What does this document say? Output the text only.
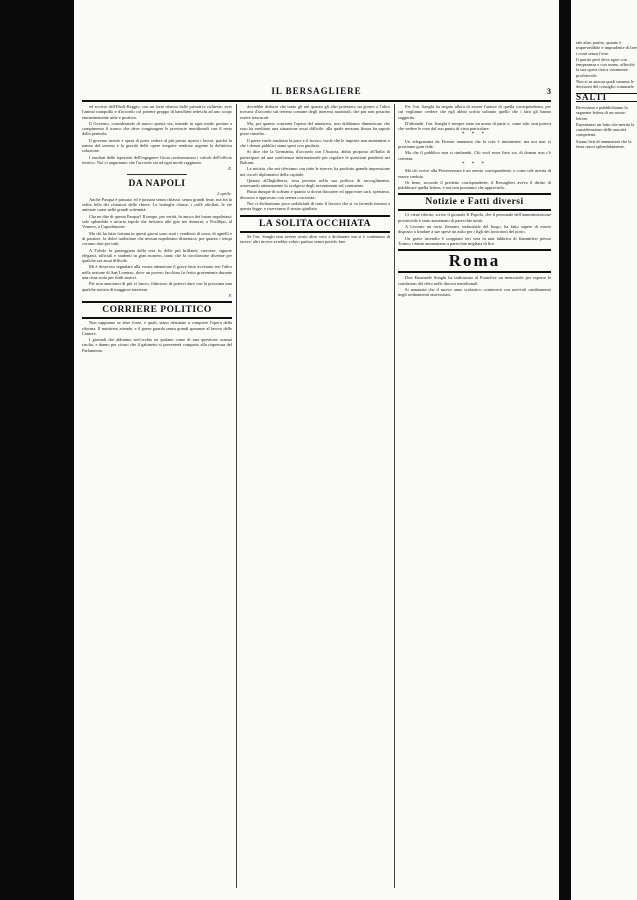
IL BERSAGLIERE	3

ed eccetto dell'Eboli-Reggio, con un forte ribasso dalle primitive richieste, aver l'animo tranquillo e d'accordo col potente gruppo di banchieri tedeschi ad uno scopo eminentemente utile e positivo.

Il Governo, considerando di nuovo questa via, intende in ogni modo portare a compimento il tronco che deve congiungere le provincie meridionali con il resto della penisola.

Il governo insiste e spera di poter vedere al più presto ripresi i lavori, poichè la natura del terreno e la gravità delle opere eseguite rendono urgente la definitiva soluzione.

I risultati delle ispezioni dell'ingegnere Gioia confermarono i calcoli dell'ufficio tecnico. Noi ci auguriamo che l'accordo sia ad ogni modo raggiunto.

E.
DA NAPOLI
2 aprile.

Anche Pasqua è passata; ed è passata senza chiasso, senza grandi feste, ma fra la solita folla dei visitatori delle chiese. Le botteghe chiuse, i caffè affollati, le vie animate come nelle grandi solennità.

Che ne dite di questa Pasqua? Il tempo, per verità, fu amico dei buoni napoletani: sole splendido e un'aria tepida che invitava alle gite nei dintorni, a Posillipo, al Vomero, a Capodimonte.

Ma chi ha fatto fortuna in questi giorni sono stati i venditori di uova, di agnelli e di pastiere, la dolce tradizione che nessun napoletano dimentica, per quanto i tempi corrano duri per tutti.

A Toledo la passeggiata della sera fu delle più brillanti; carrozze, signore eleganti, ufficiali e studenti in gran numero, tanto che la circolazione divenne per qualche ora assai difficile.

Mi è doveroso segnalare alla vostra attenzione il grave fatto avvenuto ieri l'altro nella sezione di San Lorenzo, dove un povero facchino fu ferito gravemente durante una rissa sorta per futili motivi.

Per non annoiarvi di più vi lascio, fiducioso di potervi dare con la prossima mia qualche notizia di maggiore interesse.

F.
CORRIERE POLITICO

Non sappiamo se altre forze, e quali, siano destinate a compiere l'opera della riforma. Il ministero attende, e il paese guarda senza grandi speranze al lavoro delle Camere.

I giornali che abbiamo sott'occhio ne parlano come di una questione oramai risolta, e danno per sicuro che il gabinetto si presenterà compatto alla riapertura del Parlamento.

dovrebbe dedurre che tanto gli uni quanto gli altri potessero un giorno o l'altro trovarsi d'accordo sul terreno comune degli interessi nazionali, che più non possono essere trascurati.

Ma, per quanto concerne l'opera del ministero, non dobbiamo dimenticare che esso ha ereditato una situazione assai difficile, alla quale nessuno finora ha saputo porre rimedio.

Il paese vuole anzitutto la pace e il lavoro; vuole che le imposte non aumentino e che i denari pubblici siano spesi con giudizio.

Si dice che la Germania, d'accordo con l'Austria, abbia proposto all'Italia di partecipare ad una conferenza internazionale per regolare le questioni pendenti nei Balcani.

La notizia, che noi riferiamo con tutte le riserve, ha prodotto grande impressione nei circoli diplomatici della capitale.

Quanto all'Inghilterra, essa persiste nella sua politica di raccoglimento, osservando attentamente lo svolgersi degli avvenimenti sul continente.

Basta dunque di sofismi e quanto si dovrà discutere ed approvare sarà, speriamo, discusso e approvato con serena coscienza.

Noi ci dichiariamo poco soddisfatti di tutto il lavorio che si va facendo intorno a questa legge, e riserviamo il nostro giudizio.

LA SOLITA OCCHIATA

Se l'on. Songhi non avesse avuto altro voto a dichiarare ma si è contentato di tacere; altri invece avrebbe voluto parlare senza poterlo fare.

Per l'on. Songhi ha negato allora di essere l'autore di quella corrispondenza, per cui vogliamo credere che egli abbia scritto soltanto quello che i fatti gli hanno suggerito.

D'altronde, l'on. Songhi è sempre stato un uomo di parte e, come tale, non poteva che vedere le cose dal suo punto di vista particolare.

* * *

Un telegramma da Firenze annunzia che la crisi è imminente; ma noi non vi prestiamo gran fede.

Ma che il pubblico non si rimbambi, Chi vuol esser lieto sia, di doman non c'è certezza.

* * *

Ma chi scrive alla Perseveranza è un onesto corrispondente, e come tale merita di essere creduto.

Or bene, secondo il predetto corrispondente, il Bersaglieri aveva il diritto di pubblicare quella lettera, e noi non possiamo che approvarlo.

Notizie e Fatti diversi

Ci viene riferito, scrive il giornale Il Popolo, che il personale dell'amministrazione provinciale è stato aumentato di parecchie unità.

A Livorno un certo Zenzani, industriale del luogo, ha fatto sapere di essere disposto a fondare a sue spese un asilo per i figli dei lavoratori del porto.

Un grave incendio è scoppiato ieri sera in una fabbrica di fiammiferi presso Torino; i danni ammontano a parecchie migliaia di lire.

Roma

Don Emanuele Songhi ha indirizzato al Pontefice un memoriale per esporre le condizioni del clero nelle diocesi meridionali.

Si annunzia che il nuovo anno scolastico comincerà con notevoli cambiamenti negli ordinamenti universitari.

tale altro partito, quanto è imprevedibile e imprudente di fare i conti senza l'oste.

Il partito però deve agire con temperanza e con senno, affinchè la sua opera riesca veramente profittevole.

Non si sa ancora quali saranno le decisioni del consiglio comunale.

SALTI

Riceviamo e pubblichiamo la seguente lettera di un nostro lettore.

Esponiamo un fatto che merita la considerazione delle autorità competenti.

Siamo lieti di annunziare che la festa riuscì splendidamente.
